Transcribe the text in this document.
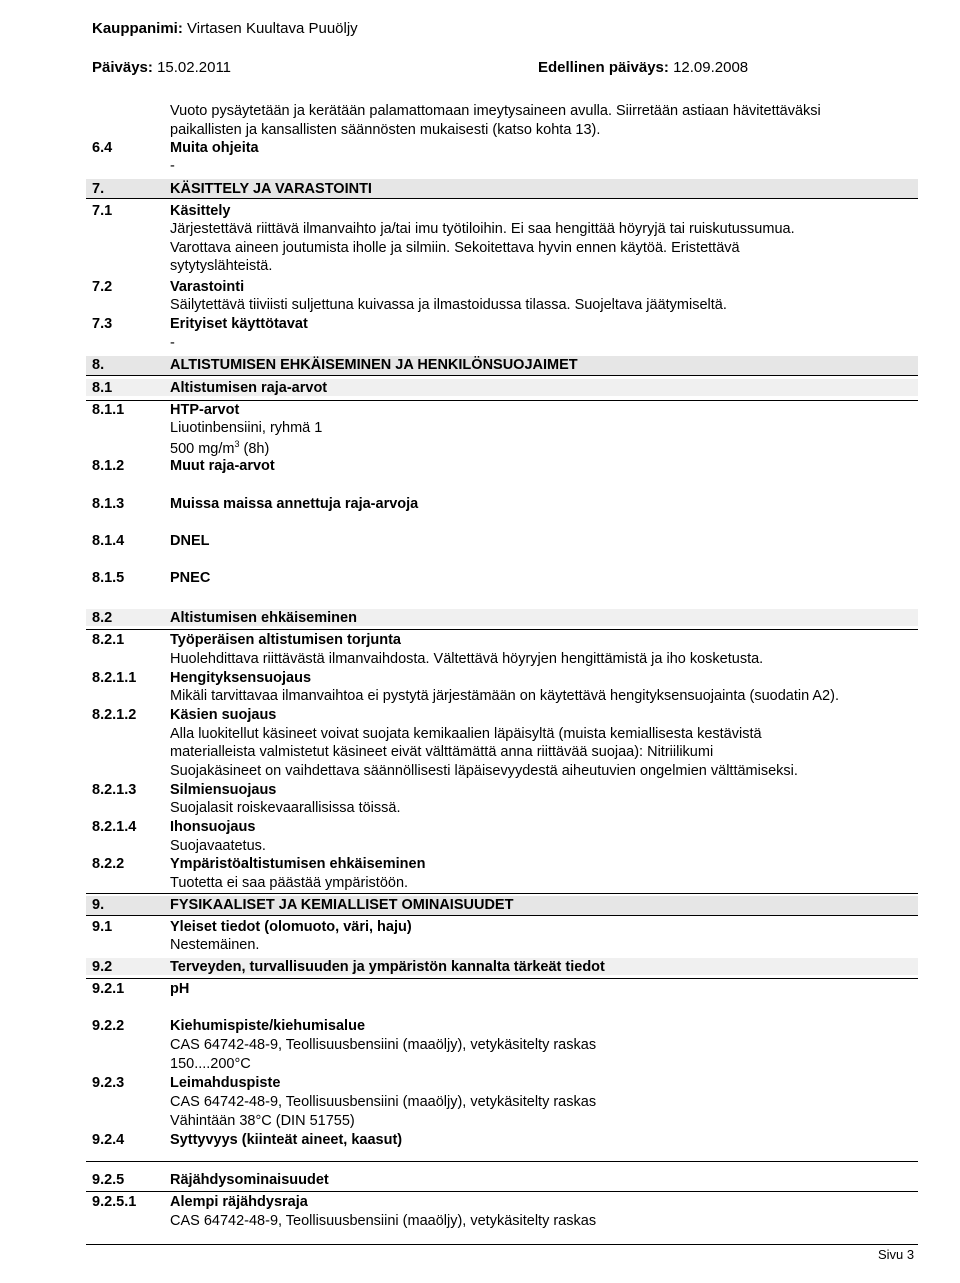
Kauppanimi: Virtasen Kuultava Puuöljy
Päiväys: 15.02.2011	Edellinen päiväys: 12.09.2008
Vuoto pysäytetään ja kerätään palamattomaan imeytysaineen avulla. Siirretään astiaan hävitettäväksi
paikallisten ja kansallisten säännösten mukaisesti (katso kohta 13).
6.4	Muita ohjeita
-
7.	KÄSITTELY JA VARASTOINTI
7.1	Käsittely
Järjestettävä riittävä ilmanvaihto ja/tai imu työtiloihin. Ei saa hengittää höyryjä tai ruiskutussumua.
Varottava aineen joutumista iholle ja silmiin. Sekoitettava hyvin ennen käytöä. Eristettävä
sytytyslähteistä.
7.2	Varastointi
Säilytettävä tiiviisti suljettuna kuivassa ja ilmastoidussa tilassa. Suojeltava jäätymiseltä.
7.3	Erityiset käyttötavat
-
8.	ALTISTUMISEN EHKÄISEMINEN JA HENKILÖNSUOJAIMET
8.1	Altistumisen raja-arvot
8.1.1	HTP-arvot
Liuotinbensiini, ryhmä 1
500 $mg/m^3$ (8h)
8.1.2	Muut raja-arvot
8.1.3	Muissa maissa annettuja raja-arvoja
8.1.4	DNEL
8.1.5	PNEC
8.2	Altistumisen ehkäiseminen
8.2.1	Työperäisen altistumisen torjunta
Huolehdittava riittävästä ilmanvaihdosta. Vältettävä höyryjen hengittämistä ja iho kosketusta.
8.2.1.1 Hengityksensuojaus
Mikäli tarvittavaa ilmanvaihtoa ei pystytä järjestämään on käytettävä hengityksensuojainta (suodatin A2).
8.2.1.2 Käsien suojaus
Alla luokitellut käsineet voivat suojata kemikaalien läpäisyltä (muista kemiallisesta kestävistä
materialleista valmistetut käsineet eivät välttämättä anna riittävää suojaa): Nitriilikumi
Suojakäsineet on vaihdettava säännöllisesti läpäisevyydestä aiheutuvien ongelmien välttämiseksi.
8.2.1.3 Silmiensuojaus
Suojalasit roiskevaarallisissa töissä.
8.2.1.4 Ihonsuojaus
Suojavaatetus.
8.2.2	Ympäristöaltistumisen ehkäiseminen
Tuotetta ei saa päästää ympäristöön.
9.	FYSIKAALISET JA KEMIALLISET OMINAISUUDET
9.1	Yleiset tiedot (olomuoto, väri, haju)
Nestemäinen.
9.2	Terveyden, turvallisuuden ja ympäristön kannalta tärkeät tiedot
9.2.1	pH
9.2.2	Kiehumispiste/kiehumisalue
CAS 64742-48-9, Teollisuusbensiini (maaöljy), vetykäsitelty raskas
150....200°C
9.2.3	Leimahduspiste
CAS 64742-48-9, Teollisuusbensiini (maaöljy), vetykäsitelty raskas
Vähintään 38°C (DIN 51755)
9.2.4	Syttyvyys (kiinteät aineet, kaasut)
9.2.5	Räjähdysominaisuudet
9.2.5.1 Alempi räjähdysraja
CAS 64742-48-9, Teollisuusbensiini (maaöljy), vetykäsitelty raskas
Sivu 3
